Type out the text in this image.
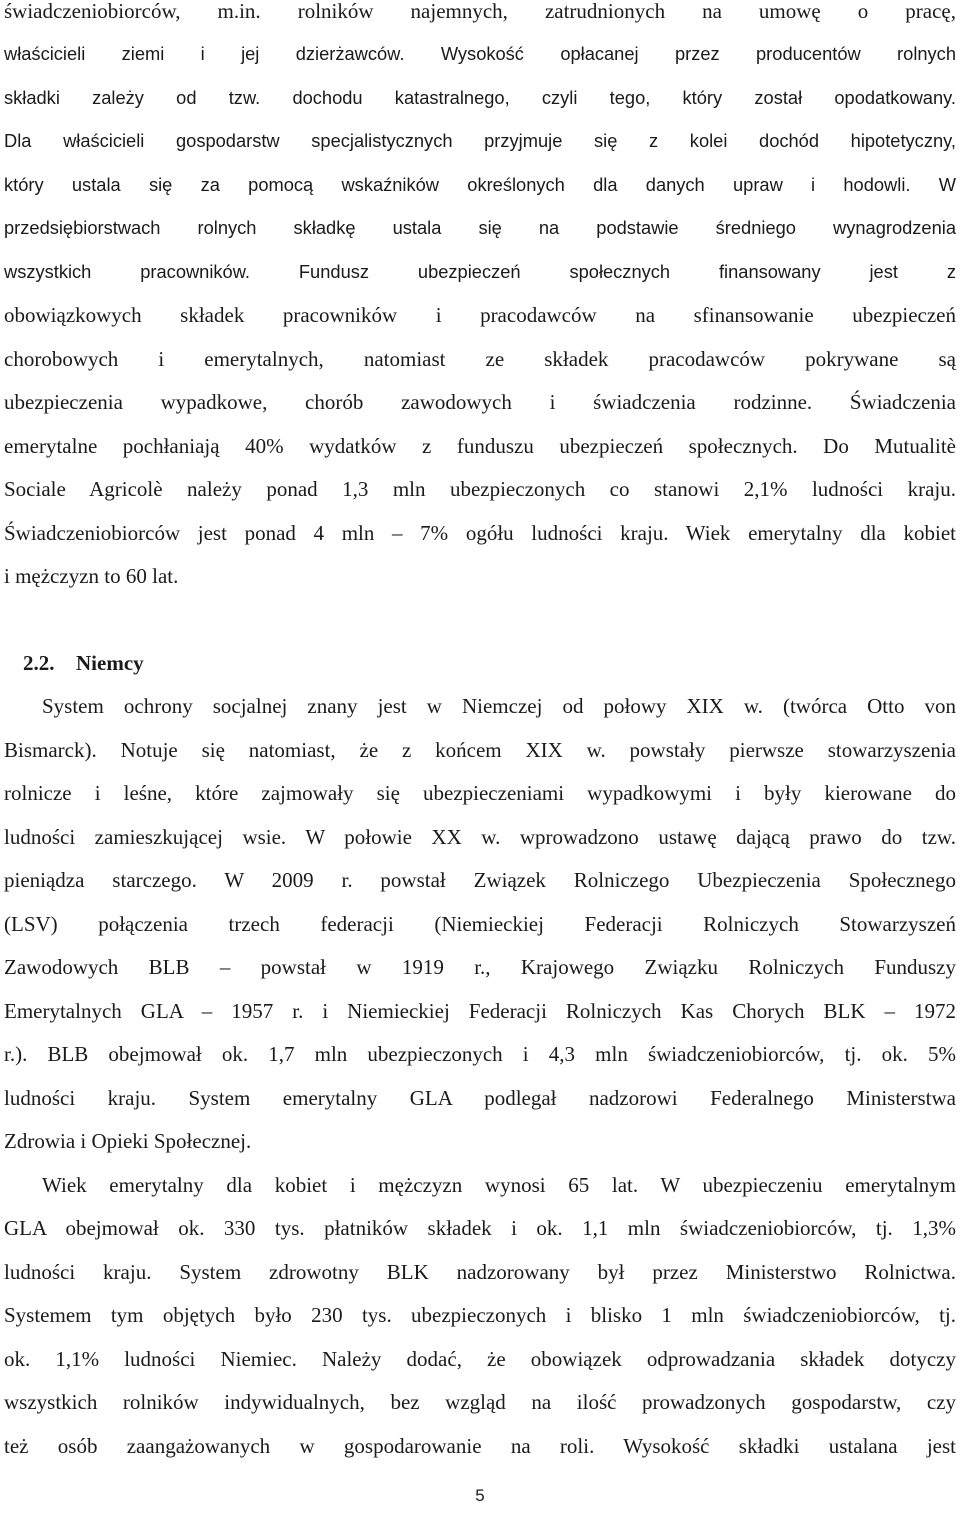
świadczeniobiorców, m.in. rolników najemnych, zatrudnionych na umowę o pracę,
właścicieli ziemi i jej dzierżawców. Wysokość opłacanej przez producentów rolnych
składki zależy od tzw. dochodu katastralnego, czyli tego, który został opodatkowany.
Dla właścicieli gospodarstw specjalistycznych przyjmuje się z kolei dochód hipotetyczny,
który ustala się za pomocą wskaźników określonych dla danych upraw i hodowli. W
przedsiębiorstwach rolnych składkę ustala się na podstawie średniego wynagrodzenia
wszystkich pracowników. Fundusz ubezpieczeń społecznych finansowany jest z
obowiązkowych składek pracowników i pracodawców na sfinansowanie ubezpieczeń
chorobowych i emerytalnych, natomiast ze składek pracodawców pokrywane są
ubezpieczenia wypadkowe, chorób zawodowych i świadczenia rodzinne. Świadczenia
emerytalne pochłaniają 40% wydatków z funduszu ubezpieczeń społecznych. Do Mutualitè
Sociale Agricolè należy ponad 1,3 mln ubezpieczonych co stanowi 2,1% ludności kraju.
Świadczeniobiorców jest ponad 4 mln – 7% ogółu ludności kraju. Wiek emerytalny dla kobiet
i mężczyzn to 60 lat.
2.2. Niemcy
System ochrony socjalnej znany jest w Niemczej od połowy XIX w. (twórca Otto von
Bismarck). Notuje się natomiast, że z końcem XIX w. powstały pierwsze stowarzyszenia
rolnicze i leśne, które zajmowały się ubezpieczeniami wypadkowymi i były kierowane do
ludności zamieszkującej wsie. W połowie XX w. wprowadzono ustawę dającą prawo do tzw.
pieniądza starczego. W 2009 r. powstał Związek Rolniczego Ubezpieczenia Społecznego
(LSV) połączenia trzech federacji (Niemieckiej Federacji Rolniczych Stowarzyszeń
Zawodowych BLB – powstał w 1919 r., Krajowego Związku Rolniczych Funduszy
Emerytalnych GLA – 1957 r. i Niemieckiej Federacji Rolniczych Kas Chorych BLK – 1972
r.). BLB obejmował ok. 1,7 mln ubezpieczonych i 4,3 mln świadczeniobiorców, tj. ok. 5%
ludności kraju. System emerytalny GLA podlegał nadzorowi Federalnego Ministerstwa
Zdrowia i Opieki Społecznej.
Wiek emerytalny dla kobiet i mężczyzn wynosi 65 lat. W ubezpieczeniu emerytalnym
GLA obejmował ok. 330 tys. płatników składek i ok. 1,1 mln świadczeniobiorców, tj. 1,3%
ludności kraju. System zdrowotny BLK nadzorowany był przez Ministerstwo Rolnictwa.
Systemem tym objętych było 230 tys. ubezpieczonych i blisko 1 mln świadczeniobiorców, tj.
ok. 1,1% ludności Niemiec. Należy dodać, że obowiązek odprowadzania składek dotyczy
wszystkich rolników indywidualnych, bez wzgląd na ilość prowadzonych gospodarstw, czy
też osób zaangażowanych w gospodarowanie na roli. Wysokość składki ustalana jest
5
